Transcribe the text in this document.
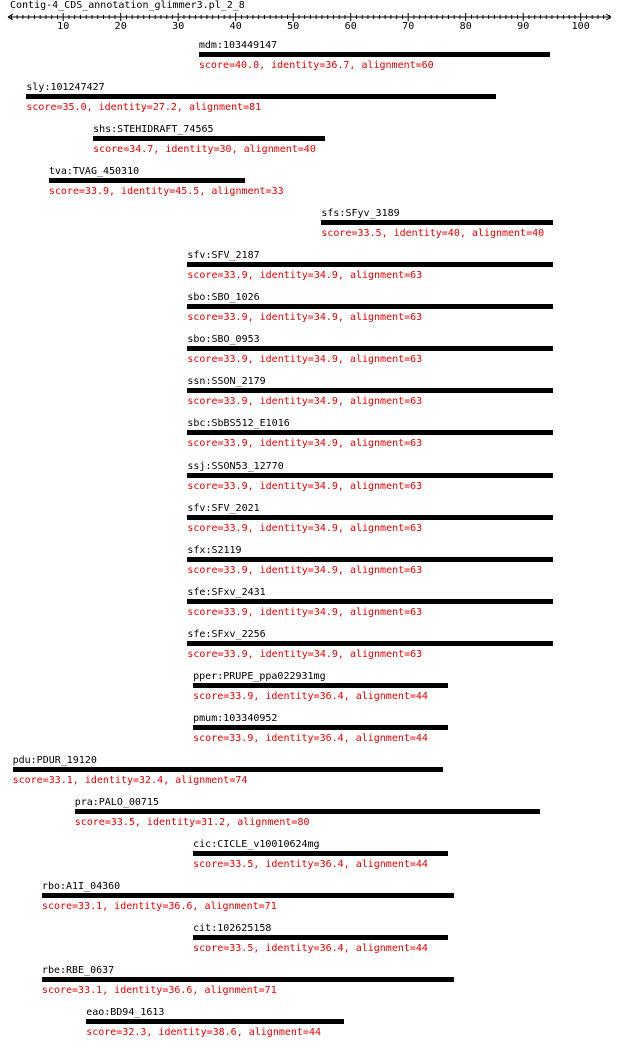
Contig-4_CDS_annotation_glimmer3.pl_2_8
10	20	30	40	50	60	70	80	90	100
mdm:103449147
score=40.0, identity=36.7, alignment=60
sly:101247427
score=35.0, identity=27.2, alignment=81
shs:STEHIDRAFT_74565
score=34.7, identity=30, alignment=40
tva:TVAG_450310
score=33.9, identity=45.5, alignment=33
sfs:SFyv_3189
score=33.5, identity=40, alignment=40
sfv:SFV_2187
score=33.9, identity=34.9, alignment=63
sbo:SBO_1026
score=33.9, identity=34.9, alignment=63
sbo:SBO_0953
score=33.9, identity=34.9, alignment=63
ssn:SSON_2179
score=33.9, identity=34.9, alignment=63
sbc:SbBS512_E1016
score=33.9, identity=34.9, alignment=63
ssj:SSON53_12770
score=33.9, identity=34.9, alignment=63
sfv:SFV_2021
score=33.9, identity=34.9, alignment=63
sfx:S2119
score=33.9, identity=34.9, alignment=63
sfe:SFxv_2431
score=33.9, identity=34.9, alignment=63
sfe:SFxv_2256
score=33.9, identity=34.9, alignment=63
pper:PRUPE_ppa022931mg
score=33.9, identity=36.4, alignment=44
pmum:103340952
score=33.9, identity=36.4, alignment=44
pdu:PDUR_19120
score=33.1, identity=32.4, alignment=74
pra:PALO_00715
score=33.5, identity=31.2, alignment=80
cic:CICLE_v10010624mg
score=33.5, identity=36.4, alignment=44
rbo:A1I_04360
score=33.1, identity=36.6, alignment=71
cit:102625158
score=33.5, identity=36.4, alignment=44
rbe:RBE_0637
score=33.1, identity=36.6, alignment=71
eao:BD94_1613
score=32.3, identity=38.6, alignment=44
